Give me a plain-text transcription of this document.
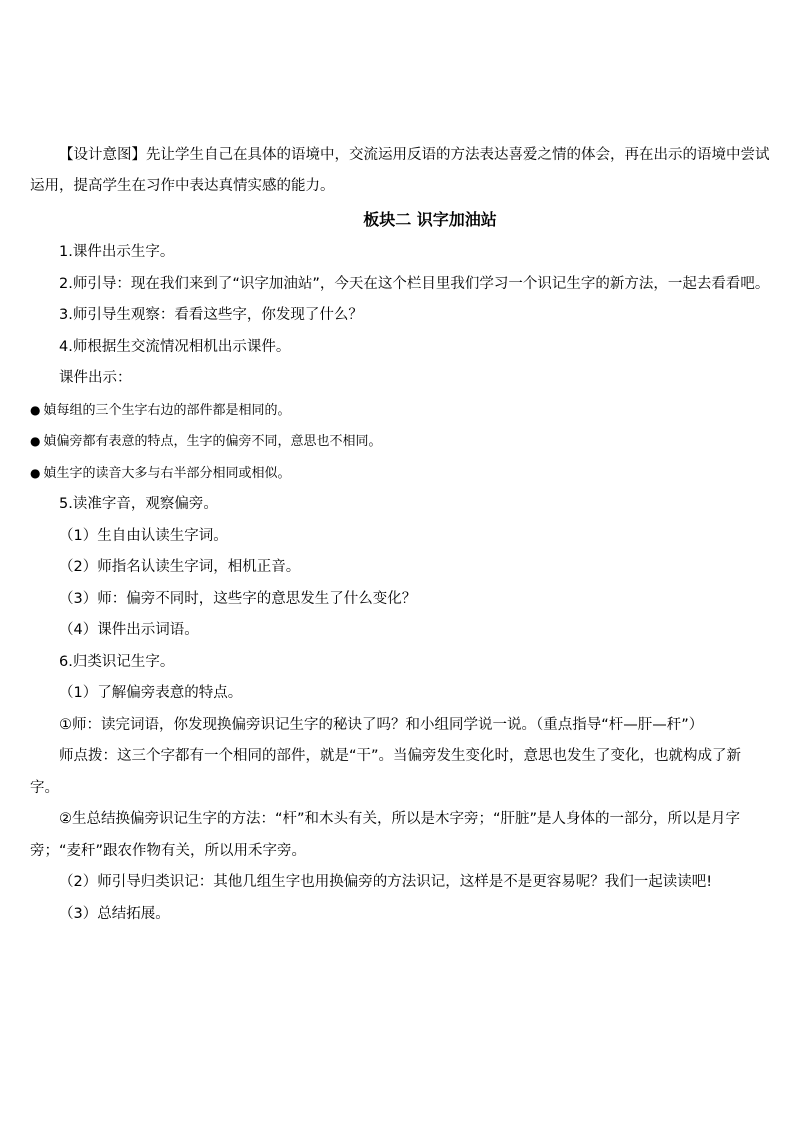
【设计意图】先让学生自己在具体的语境中，交流运用反语的方法表达喜爱之情的体会，再在出示的语境中尝试运用，提高学生在习作中表达真情实感的能力。

板块二 识字加油站

1.课件出示生字。

2.师引导：现在我们来到了“识字加油站”，今天在这个栏目里我们学习一个识记生字的新方法，一起去看看吧。

3.师引导生观察：看看这些字，你发现了什么？

4.师根据生交流情况相机出示课件。

课件出示：

● 媜每组的三个生字右边的部件都是相同的。

● 媜偏旁都有表意的特点，生字的偏旁不同，意思也不相同。

● 媜生字的读音大多与右半部分相同或相似。

5.读准字音，观察偏旁。

（1）生自由认读生字词。

（2）师指名认读生字词，相机正音。

（3）师：偏旁不同时，这些字的意思发生了什么变化？

（4）课件出示词语。

6.归类识记生字。

（1）了解偏旁表意的特点。

①师：读完词语，你发现换偏旁识记生字的秘诀了吗？和小组同学说一说。（重点指导“杆—肝—秆”）

师点拨：这三个字都有一个相同的部件，就是“干”。当偏旁发生变化时，意思也发生了变化，也就构成了新字。

②生总结换偏旁识记生字的方法：“杆”和木头有关，所以是木字旁；“肝脏”是人身体的一部分，所以是月字旁；“麦秆”跟农作物有关，所以用禾字旁。

（2）师引导归类识记：其他几组生字也用换偏旁的方法识记，这样是不是更容易呢？我们一起读读吧!

（3）总结拓展。
